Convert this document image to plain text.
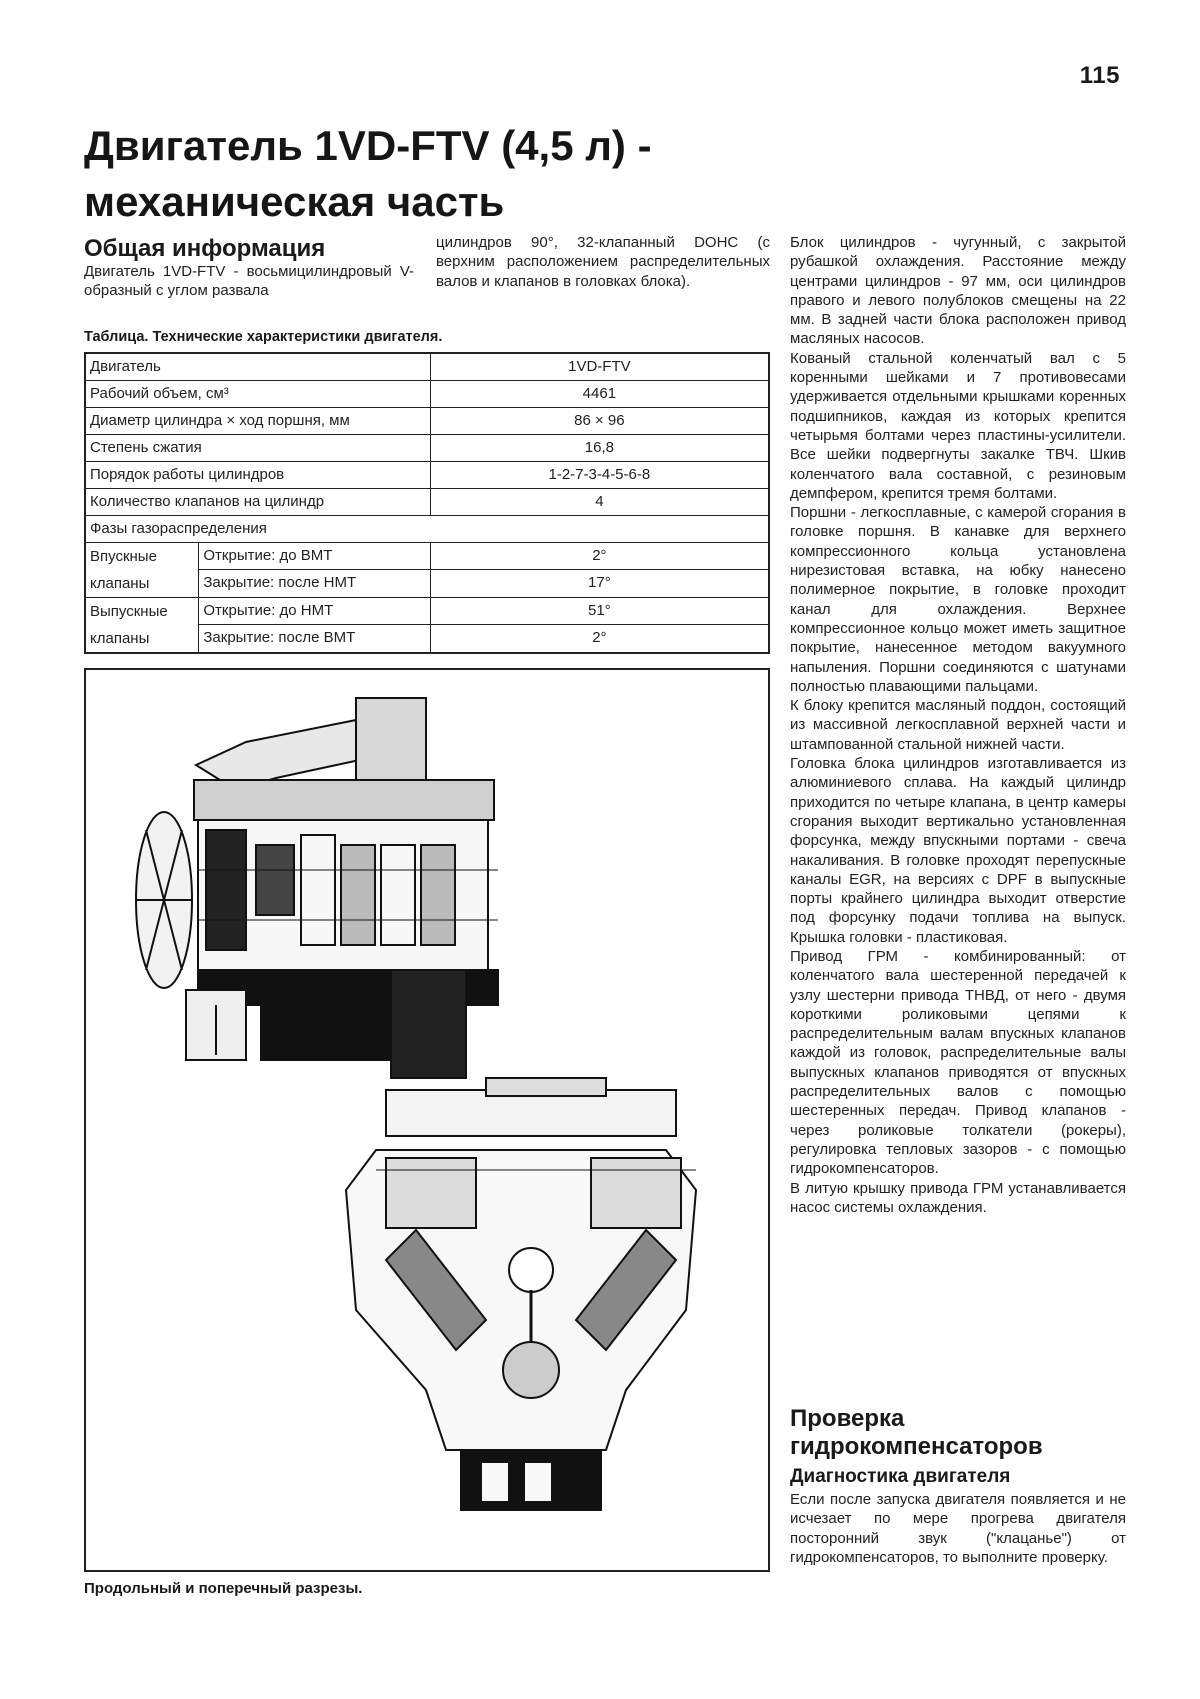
115
Двигатель 1VD-FTV (4,5 л) -
механическая часть
Общая информация

Двигатель 1VD-FTV - восьмицилиндровый V-образный с углом развала

цилиндров 90°, 32-клапанный DOHC (с верхним расположением распределительных валов и клапанов в головках блока).

Таблица. Технические характеристики двигателя.
Двигатель		1VD-FTV
Рабочий объем, см³		4461
Диаметр цилиндра × ход поршня, мм		86 × 96
Степень сжатия		16,8
Порядок работы цилиндров		1-2-7-3-4-5-6-8
Количество клапанов на цилиндр		4
Фазы газораспределения		
Впускные клапаны	Открытие: до ВМТ	2°
	Закрытие: после НМТ	17°
Выпускные клапаны	Открытие: до НМТ	51°
	Закрытие: после ВМТ	2°
Продольный и поперечный разрезы.

Блок цилиндров - чугунный, с закрытой рубашкой охлаждения. Расстояние между центрами цилиндров - 97 мм, оси цилиндров правого и левого полублоков смещены на 22 мм. В задней части блока расположен привод масляных насосов.

Кованый стальной коленчатый вал с 5 коренными шейками и 7 противовесами удерживается отдельными крышками коренных подшипников, каждая из которых крепится четырьмя болтами через пластины-усилители. Все шейки подвергнуты закалке ТВЧ. Шкив коленчатого вала составной, с резиновым демпфером, крепится тремя болтами.

Поршни - легкосплавные, с камерой сгорания в головке поршня. В канавке для верхнего компрессионного кольца установлена нирезистовая вставка, на юбку нанесено полимерное покрытие, в головке проходит канал для охлаждения. Верхнее компрессионное кольцо может иметь защитное покрытие, нанесенное методом вакуумного напыления. Поршни соединяются с шатунами полностью плавающими пальцами.

К блоку крепится масляный поддон, состоящий из массивной легкосплавной верхней части и штампованной стальной нижней части.

Головка блока цилиндров изготавливается из алюминиевого сплава. На каждый цилиндр приходится по четыре клапана, в центр камеры сгорания выходит вертикально установленная форсунка, между впускными портами - свеча накаливания. В головке проходят перепускные каналы EGR, на версиях с DPF в выпускные порты крайнего цилиндра выходит отверстие под форсунку подачи топлива на выпуск. Крышка головки - пластиковая.

Привод ГРМ - комбинированный: от коленчатого вала шестеренной передачей к узлу шестерни привода ТНВД, от него - двумя короткими роликовыми цепями к распределительным валам впускных клапанов каждой из головок, распределительные валы выпускных клапанов приводятся от впускных распределительных валов с помощью шестеренных передач. Привод клапанов - через роликовые толкатели (рокеры), регулировка тепловых зазоров - с помощью гидрокомпенсаторов.

В литую крышку привода ГРМ устанавливается насос системы охлаждения.

Проверка гидрокомпенсаторов
Диагностика двигателя

Если после запуска двигателя появляется и не исчезает по мере прогрева двигателя посторонний звук ("клацанье") от гидрокомпенсаторов, то выполните проверку.
